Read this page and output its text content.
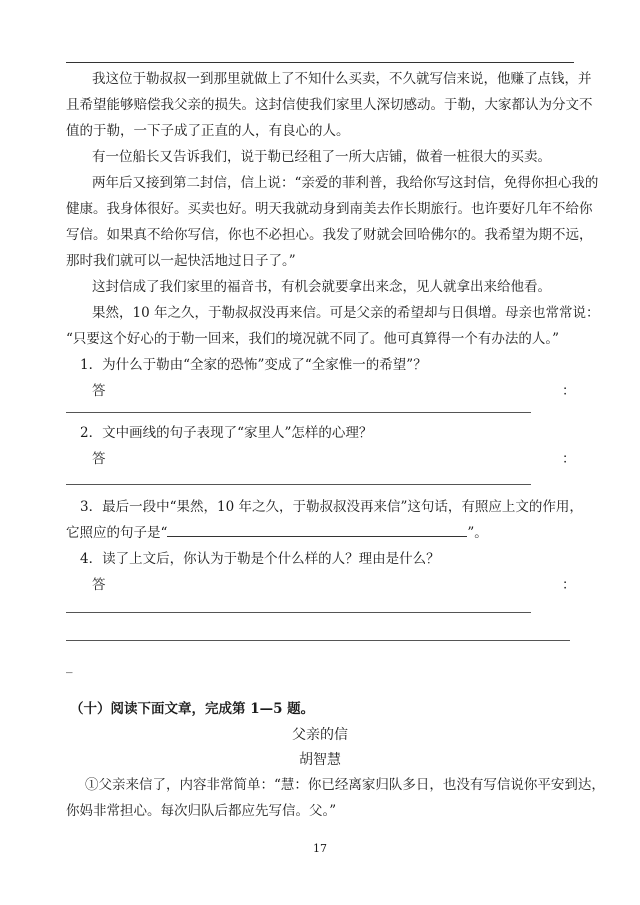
我这位于勒叔叔一到那里就做上了不知什么买卖，不久就写信来说，他赚了点钱，并
且希望能够赔偿我父亲的损失。这封信使我们家里人深切感动。于勒，大家都认为分文不
值的于勒，一下子成了正直的人，有良心的人。
有一位船长又告诉我们，说于勒已经租了一所大店铺，做着一桩很大的买卖。
两年后又接到第二封信，信上说：“亲爱的菲利普，我给你写这封信，免得你担心我的
健康。我身体很好。买卖也好。明天我就动身到南美去作长期旅行。也许要好几年不给你
写信。如果真不给你写信，你也不必担心。我发了财就会回哈佛尔的。我希望为期不远，
那时我们就可以一起快活地过日子了。”
这封信成了我们家里的福音书，有机会就要拿出来念，见人就拿出来给他看。
果然，10 年之久，于勒叔叔没再来信。可是父亲的希望却与日俱增。母亲也常常说：
“只要这个好心的于勒一回来，我们的境况就不同了。他可真算得一个有办法的人。”
1．为什么于勒由“全家的恐怖”变成了“全家惟一的希望”？
答	：
2．文中画线的句子表现了“家里人”怎样的心理？
答	：
3．最后一段中“果然，10 年之久，于勒叔叔没再来信”这句话，有照应上文的作用，
它照应的句子是“	”。
4．读了上文后，你认为于勒是个什么样的人？理由是什么？
答	：
_
（十）阅读下面文章，完成第 1—5 题。
父亲的信
胡智慧
①父亲来信了，内容非常简单：“慧：你已经离家归队多日，也没有写信说你平安到达，
你妈非常担心。每次归队后都应先写信。父。”
17
